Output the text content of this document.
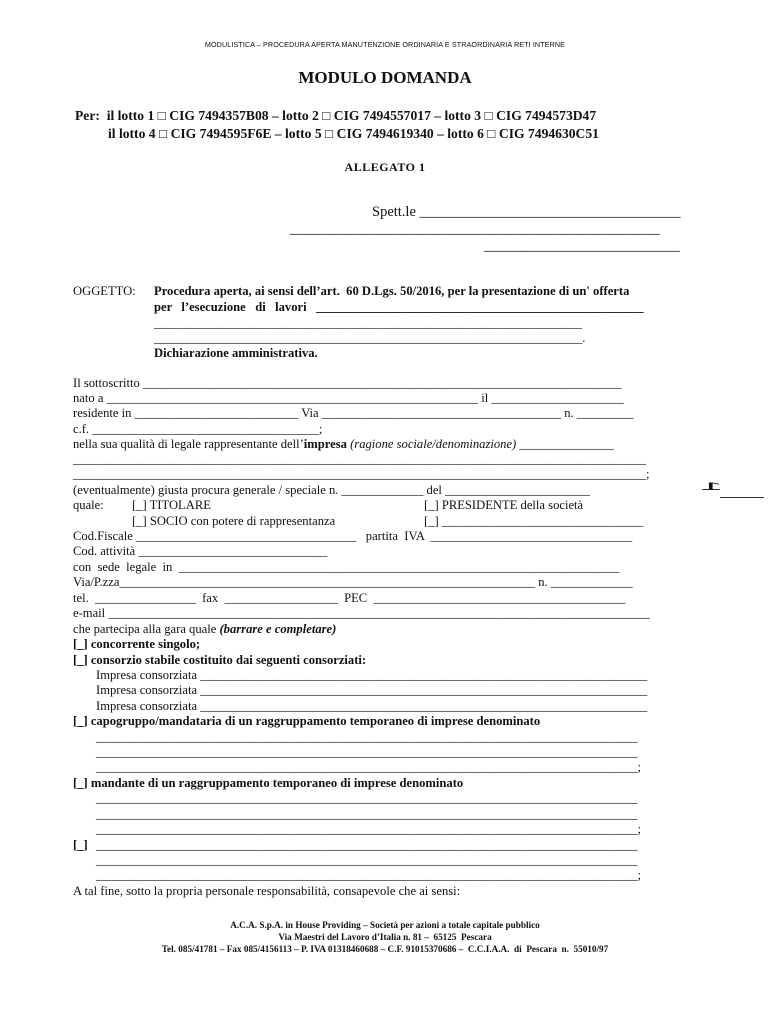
MODULISTICA – PROCEDURA APERTA MANUTENZIONE ORDINARIA E STRAORDINARIA RETI INTERNE
MODULO DOMANDA
Per:  il lotto 1 □ CIG 7494357B08 – lotto 2 □ CIG 7494557017 – lotto 3 □ CIG 7494573D47
il lotto 4 □ CIG 7494595F6E – lotto 5 □ CIG 7494619340 – lotto 6 □ CIG 7494630C51
ALLEGATO 1
Spett.le ____________________________________
___________________________________________________
___________________________
OGGETTO: Procedura aperta, ai sensi dell’art.  60 D.Lgs. 50/2016, per la presentazione di un' offerta
per   l’esecuzione   di   lavori   ____________________________________________________
____________________________________________________________________
____________________________________________________________________.
Dichiarazione amministrativa.
Il sottoscritto ____________________________________________________________________________
nato a ___________________________________________________________ il _____________________
residente in __________________________ Via ______________________________________ n. _________
c.f. ____________________________________;
nella sua qualità di legale rappresentante dell’impresa (ragione sociale/denominazione) _______________
___________________________________________________________________________________________
___________________________________________________________________________________________;
(eventualmente) giusta procura generale / speciale n. _____________ del _______________________
quale: [_] TITOLARE	[_] PRESIDENTE della società
[_] SOCIO con potere di rappresentanza	[_] ________________________________
Cod.Fiscale ___________________________________   partita  IVA  ________________________________
Cod. attività ______________________________
con  sede  legale  in  ______________________________________________________________________
Via/P.zza__________________________________________________________________ n. _____________
tel.  ________________  fax  __________________  PEC  ________________________________________
e-mail ______________________________________________________________________________________
che partecipa alla gara quale (barrare e completare)
[_] concorrente singolo;
[_] consorzio stabile costituito dai seguenti consorziati:
Impresa consorziata _______________________________________________________________________
Impresa consorziata _______________________________________________________________________
Impresa consorziata _______________________________________________________________________
[_] capogruppo/mandataria di un raggruppamento temporaneo di imprese denominato
______________________________________________________________________________________
______________________________________________________________________________________
______________________________________________________________________________________;
[_] mandante di un raggruppamento temporaneo di imprese denominato
______________________________________________________________________________________
______________________________________________________________________________________
______________________________________________________________________________________;
[_] ______________________________________________________________________________________
______________________________________________________________________________________
______________________________________________________________________________________;
A tal fine, sotto la propria personale responsabilità, consapevole che ai sensi:
1
A.C.A. S.p.A. in House Providing – Società per azioni a totale capitale pubblico
Via Maestri del Lavoro d’Italia n. 81 –  65125  Pescara
Tel. 085/41781 – Fax 085/4156113 – P. IVA 01318460688 – C.F. 91015370686 –  C.C.I.A.A.  di  Pescara  n.  55010/97
